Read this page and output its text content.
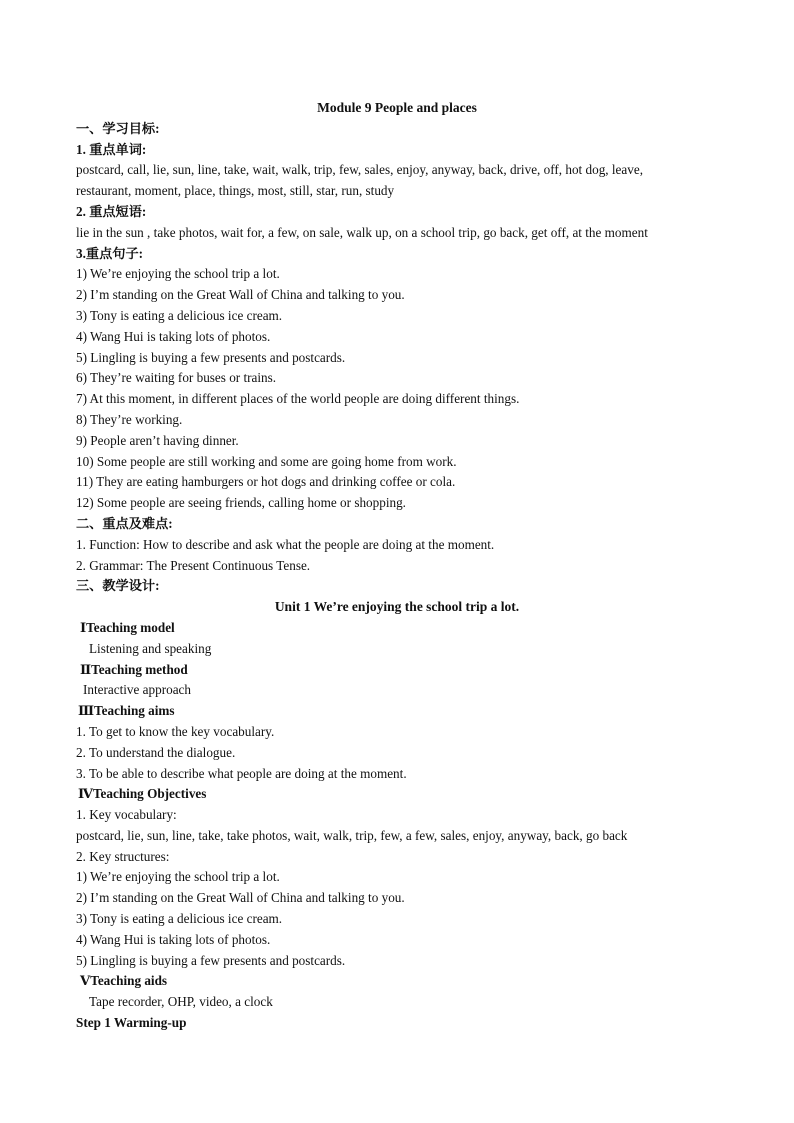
Module 9 People and places
一、学习目标:
1. 重点单词:
postcard, call, lie, sun, line, take, wait, walk, trip, few, sales, enjoy, anyway, back, drive, off, hot dog, leave,
restaurant, moment, place, things, most, still, star, run, study
2. 重点短语:
lie in the sun , take photos, wait for, a few, on sale, walk up, on a school trip, go back, get off, at the moment
3.重点句子:
1) We’re enjoying the school trip a lot.
2) I’m standing on the Great Wall of China and talking to you.
3) Tony is eating a delicious ice cream.
4) Wang Hui is taking lots of photos.
5) Lingling is buying a few presents and postcards.
6) They’re waiting for buses or trains.
7) At this moment, in different places of the world people are doing different things.
8) They’re working.
9) People aren’t having dinner.
10) Some people are still working and some are going home from work.
11) They are eating hamburgers or hot dogs and drinking coffee or cola.
12) Some people are seeing friends, calling home or shopping.
二、重点及难点:
1. Function: How to describe and ask what the people are doing at the moment.
2. Grammar: The Present Continuous Tense.
三、教学设计:
Unit 1 We’re enjoying the school trip a lot.
ⅠTeaching model
Listening and speaking
ⅡTeaching method
Interactive approach
ⅢTeaching aims
1. To get to know the key vocabulary.
2. To understand the dialogue.
3. To be able to describe what people are doing at the moment.
ⅣTeaching Objectives
1. Key vocabulary:
postcard, lie, sun, line, take, take photos, wait, walk, trip, few, a few, sales, enjoy, anyway, back, go back
2. Key structures:
1) We’re enjoying the school trip a lot.
2) I’m standing on the Great Wall of China and talking to you.
3) Tony is eating a delicious ice cream.
4) Wang Hui is taking lots of photos.
5) Lingling is buying a few presents and postcards.
ⅤTeaching aids
Tape recorder, OHP, video, a clock
Step 1 Warming-up
